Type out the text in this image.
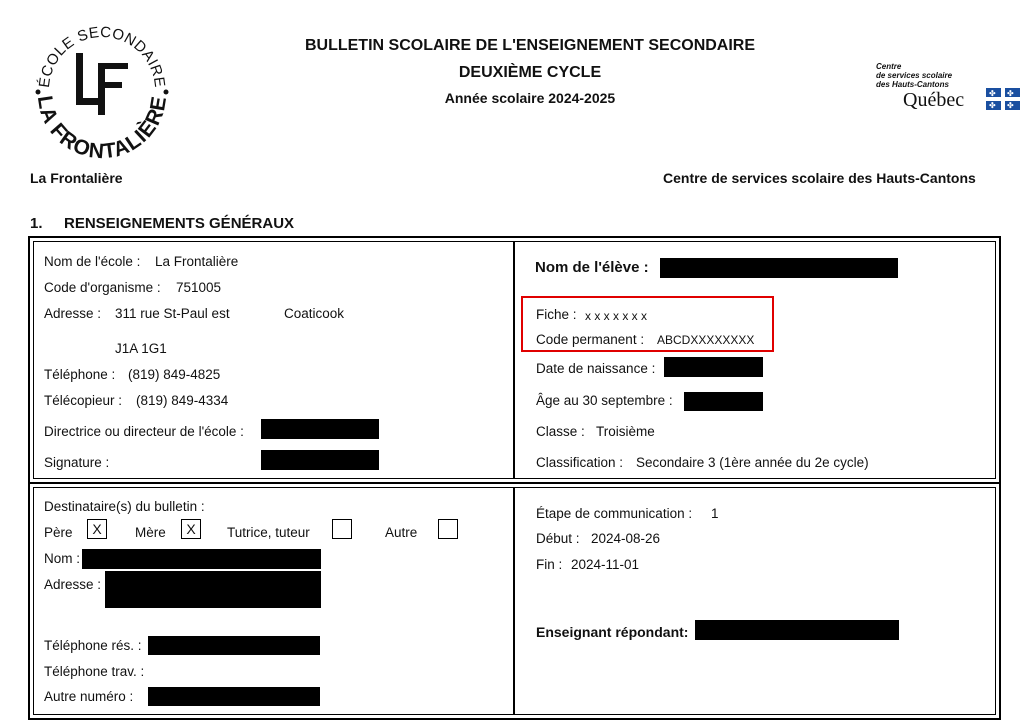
ÉCOLE SECONDAIRE
LA FRONTALIÈRE
BULLETIN SCOLAIRE DE L'ENSEIGNEMENT SECONDAIRE
DEUXIÈME CYCLE
Année scolaire 2024-2025
Centre
de services scolaire
des Hauts-Cantons
Québec	✤ ✤
✤ ✤
La Frontalière	Centre de services scolaire des Hauts-Cantons
1. RENSEIGNEMENTS GÉNÉRAUX
Nom de l'école : La Frontalière
Code d'organisme : 751005
Adresse : 311 rue St-Paul est	Coaticook
J1A 1G1
Téléphone : (819) 849-4825
Télécopieur : (819) 849-4334
Directrice ou directeur de l'école :
Signature :
Nom de l'élève :
Fiche : x x x x x x x
Code permanent : ABCDXXXXXXXX
Date de naissance :
Âge au 30 septembre :
Classe : Troisième
Classification : Secondaire 3 (1ère année du 2e cycle)
Destinataire(s) du bulletin :
Père	X	Mère	X	Tutrice, tuteur	Autre
Nom :
Adresse :
Téléphone rés. :
Téléphone trav. :
Autre numéro :
Étape de communication : 1
Début : 2024-08-26
Fin : 2024-11-01
Enseignant répondant:
